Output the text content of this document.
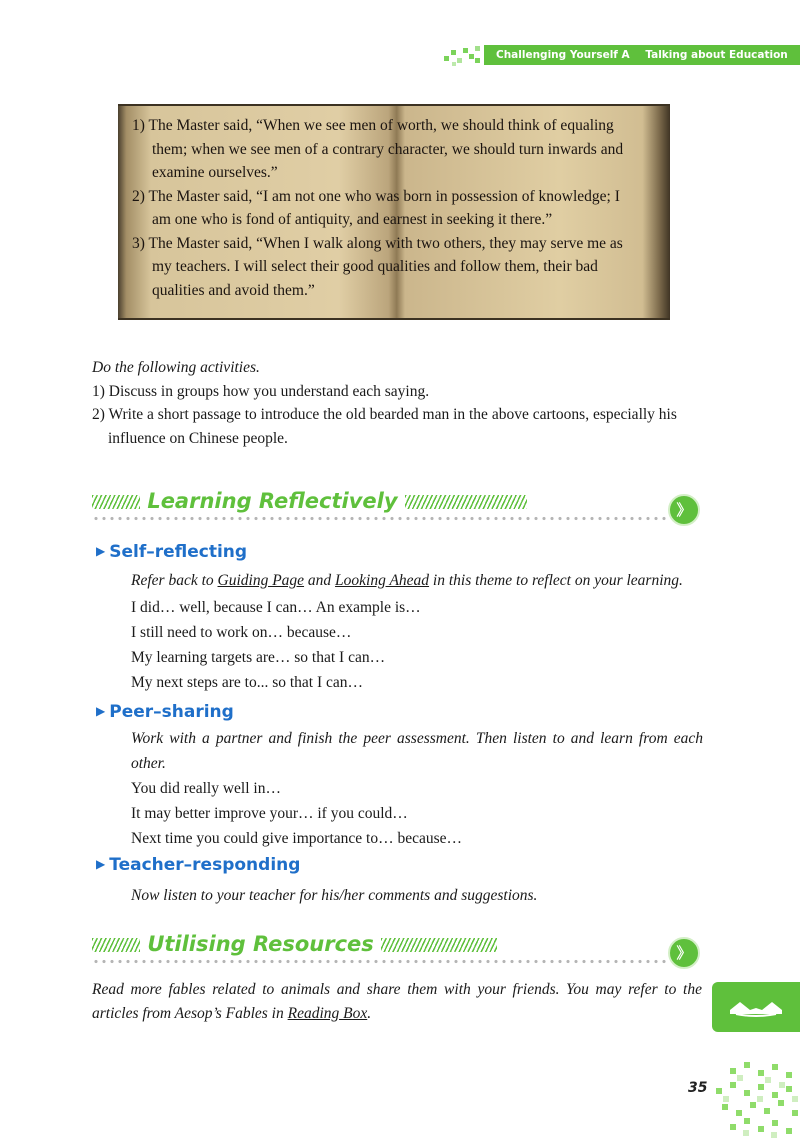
Challenging Yourself A Talking about Education
1) The Master said, “When we see men of worth, we should think of equaling them; when we see men of a contrary character, we should turn inwards and examine ourselves.”
2) The Master said, “I am not one who was born in possession of knowledge; I am one who is fond of antiquity, and earnest in seeking it there.”
3) The Master said, “When I walk along with two others, they may serve me as my teachers. I will select their good qualities and follow them, their bad qualities and avoid them.”
Do the following activities.
1) Discuss in groups how you understand each saying.
2) Write a short passage to introduce the old bearded man in the above cartoons, especially his influence on Chinese people.
Learning Reflectively	》
▶ Self–reflecting
Refer back to Guiding Page and Looking Ahead in this theme to reflect on your learning.
I did… well, because I can… An example is…
I still need to work on… because…
My learning targets are… so that I can…
My next steps are to... so that I can…
▶ Peer–sharing
Work with a partner and finish the peer assessment. Then listen to and learn from each other.
You did really well in…
It may better improve your… if you could…
Next time you could give importance to… because…
▶ Teacher–responding
Now listen to your teacher for his/her comments and suggestions.
Utilising Resources	》
Read more fables related to animals and share them with your friends. You may refer to the articles from Aesop’s Fables in Reading Box.
35
